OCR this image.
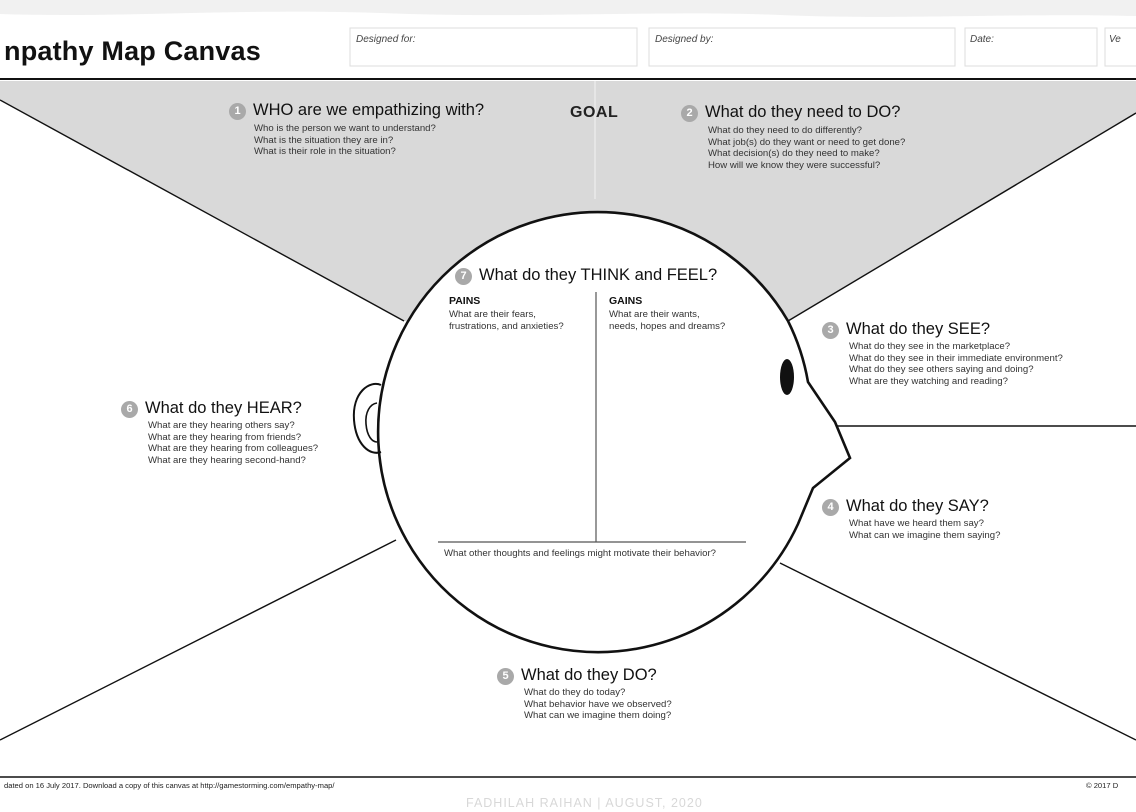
npathy Map Canvas	Designed for:	Designed by:	Date:	Ve
GOAL
1 WHO are we empathizing with?
Who is the person we want to understand?
What is the situation they are in?
What is their role in the situation?
2 What do they need to DO?
What do they need to do differently?
What job(s) do they want or need to get done?
What decision(s) do they need to make?
How will we know they were successful?
7 What do they THINK and FEEL?
PAINS
What are their fears,
frustrations, and anxieties?
GAINS
What are their wants,
needs, hopes and dreams?
What other thoughts and feelings might motivate their behavior?
3 What do they SEE?
What do they see in the marketplace?
What do they see in their immediate environment?
What do they see others saying and doing?
What are they watching and reading?
6 What do they HEAR?
What are they hearing others say?
What are they hearing from friends?
What are they hearing from colleagues?
What are they hearing second-hand?
4 What do they SAY?
What have we heard them say?
What can we imagine them saying?
5 What do they DO?
What do they do today?
What behavior have we observed?
What can we imagine them doing?
dated on 16 July 2017. Download a copy of this canvas at http://gamestorming.com/empathy-map/	© 2017 D
FADHILAH RAIHAN | AUGUST, 2020
